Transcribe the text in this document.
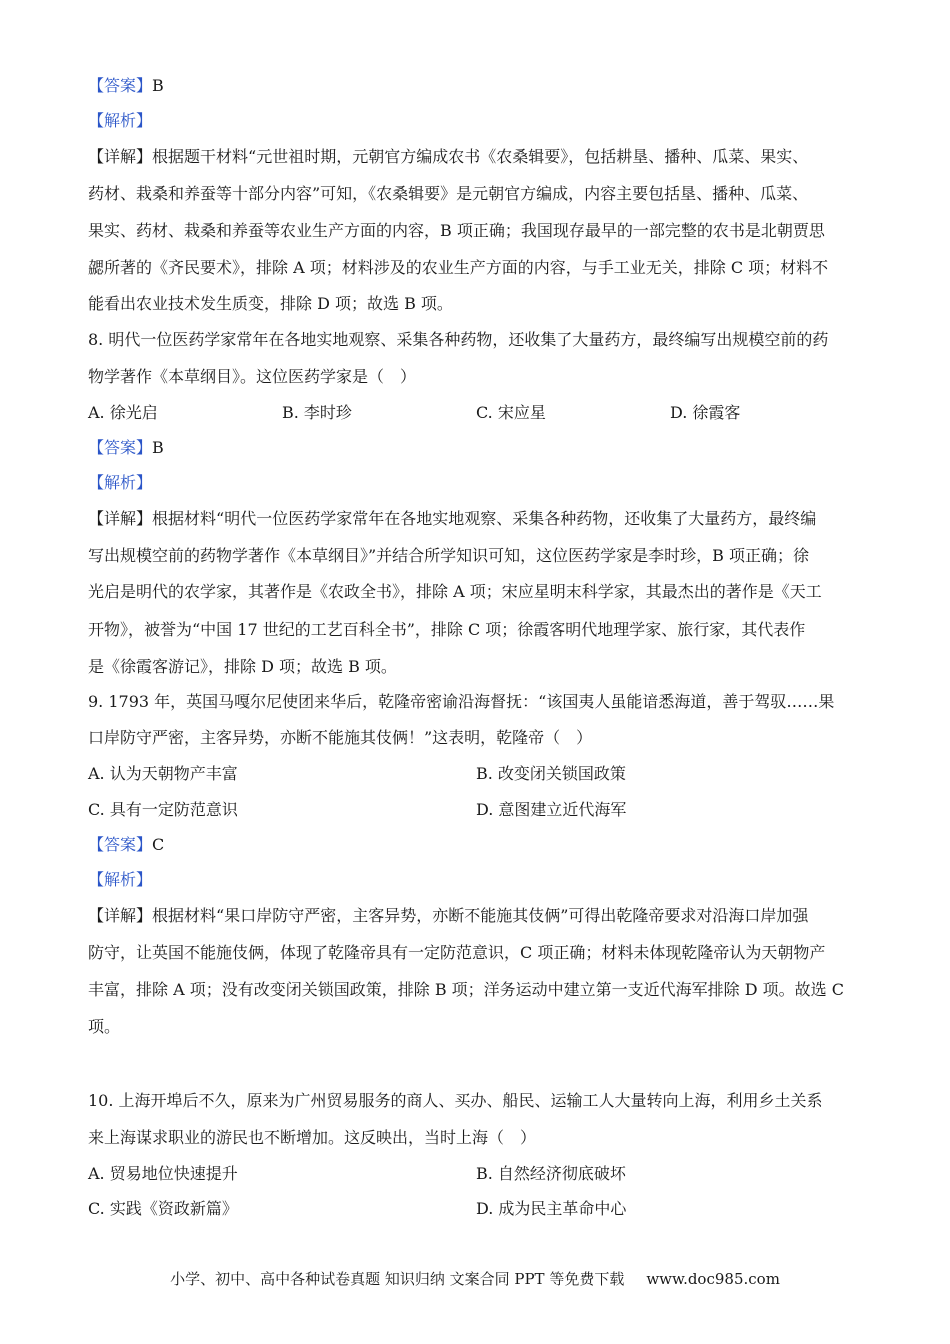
【答案】B
【解析】
【详解】根据题干材料“元世祖时期，元朝官方编成农书《农桑辑要》，包括耕垦、播种、瓜菜、果实、
药材、栽桑和养蚕等十部分内容”可知，《农桑辑要》是元朝官方编成，内容主要包括垦、播种、瓜菜、
果实、药材、栽桑和养蚕等农业生产方面的内容，B 项正确；我国现存最早的一部完整的农书是北朝贾思
勰所著的《齐民要术》，排除 A 项；材料涉及的农业生产方面的内容，与手工业无关，排除 C 项；材料不
能看出农业技术发生质变，排除 D 项；故选 B 项。
8. 明代一位医药学家常年在各地实地观察、采集各种药物，还收集了大量药方，最终编写出规模空前的药
物学著作《本草纲目》。这位医药学家是（　）
A. 徐光启	B. 李时珍	C. 宋应星	D. 徐霞客
【答案】B
【解析】
【详解】根据材料“明代一位医药学家常年在各地实地观察、采集各种药物，还收集了大量药方，最终编
写出规模空前的药物学著作《本草纲目》”并结合所学知识可知，这位医药学家是李时珍，B 项正确；徐
光启是明代的农学家，其著作是《农政全书》，排除 A 项；宋应星明末科学家，其最杰出的著作是《天工
开物》，被誉为“中国 17 世纪的工艺百科全书”，排除 C 项；徐霞客明代地理学家、旅行家，其代表作
是《徐霞客游记》，排除 D 项；故选 B 项。
9. 1793 年，英国马嘎尔尼使团来华后，乾隆帝密谕沿海督抚：“该国夷人虽能谙悉海道，善于驾驭……果
口岸防守严密，主客异势，亦断不能施其伎俩！”这表明，乾隆帝（　）
A. 认为天朝物产丰富	B. 改变闭关锁国政策
C. 具有一定防范意识	D. 意图建立近代海军
【答案】C
【解析】
【详解】根据材料“果口岸防守严密，主客异势，亦断不能施其伎俩”可得出乾隆帝要求对沿海口岸加强
防守，让英国不能施伎俩，体现了乾隆帝具有一定防范意识，C 项正确；材料未体现乾隆帝认为天朝物产
丰富，排除 A 项；没有改变闭关锁国政策，排除 B 项；洋务运动中建立第一支近代海军排除 D 项。故选 C
项。
10. 上海开埠后不久，原来为广州贸易服务的商人、买办、船民、运输工人大量转向上海，利用乡土关系
来上海谋求职业的游民也不断增加。这反映出，当时上海（　）
A. 贸易地位快速提升	B. 自然经济彻底破坏
C. 实践《资政新篇》	D. 成为民主革命中心
小学、初中、高中各种试卷真题 知识归纳 文案合同 PPT 等免费下载 www.doc985.com
